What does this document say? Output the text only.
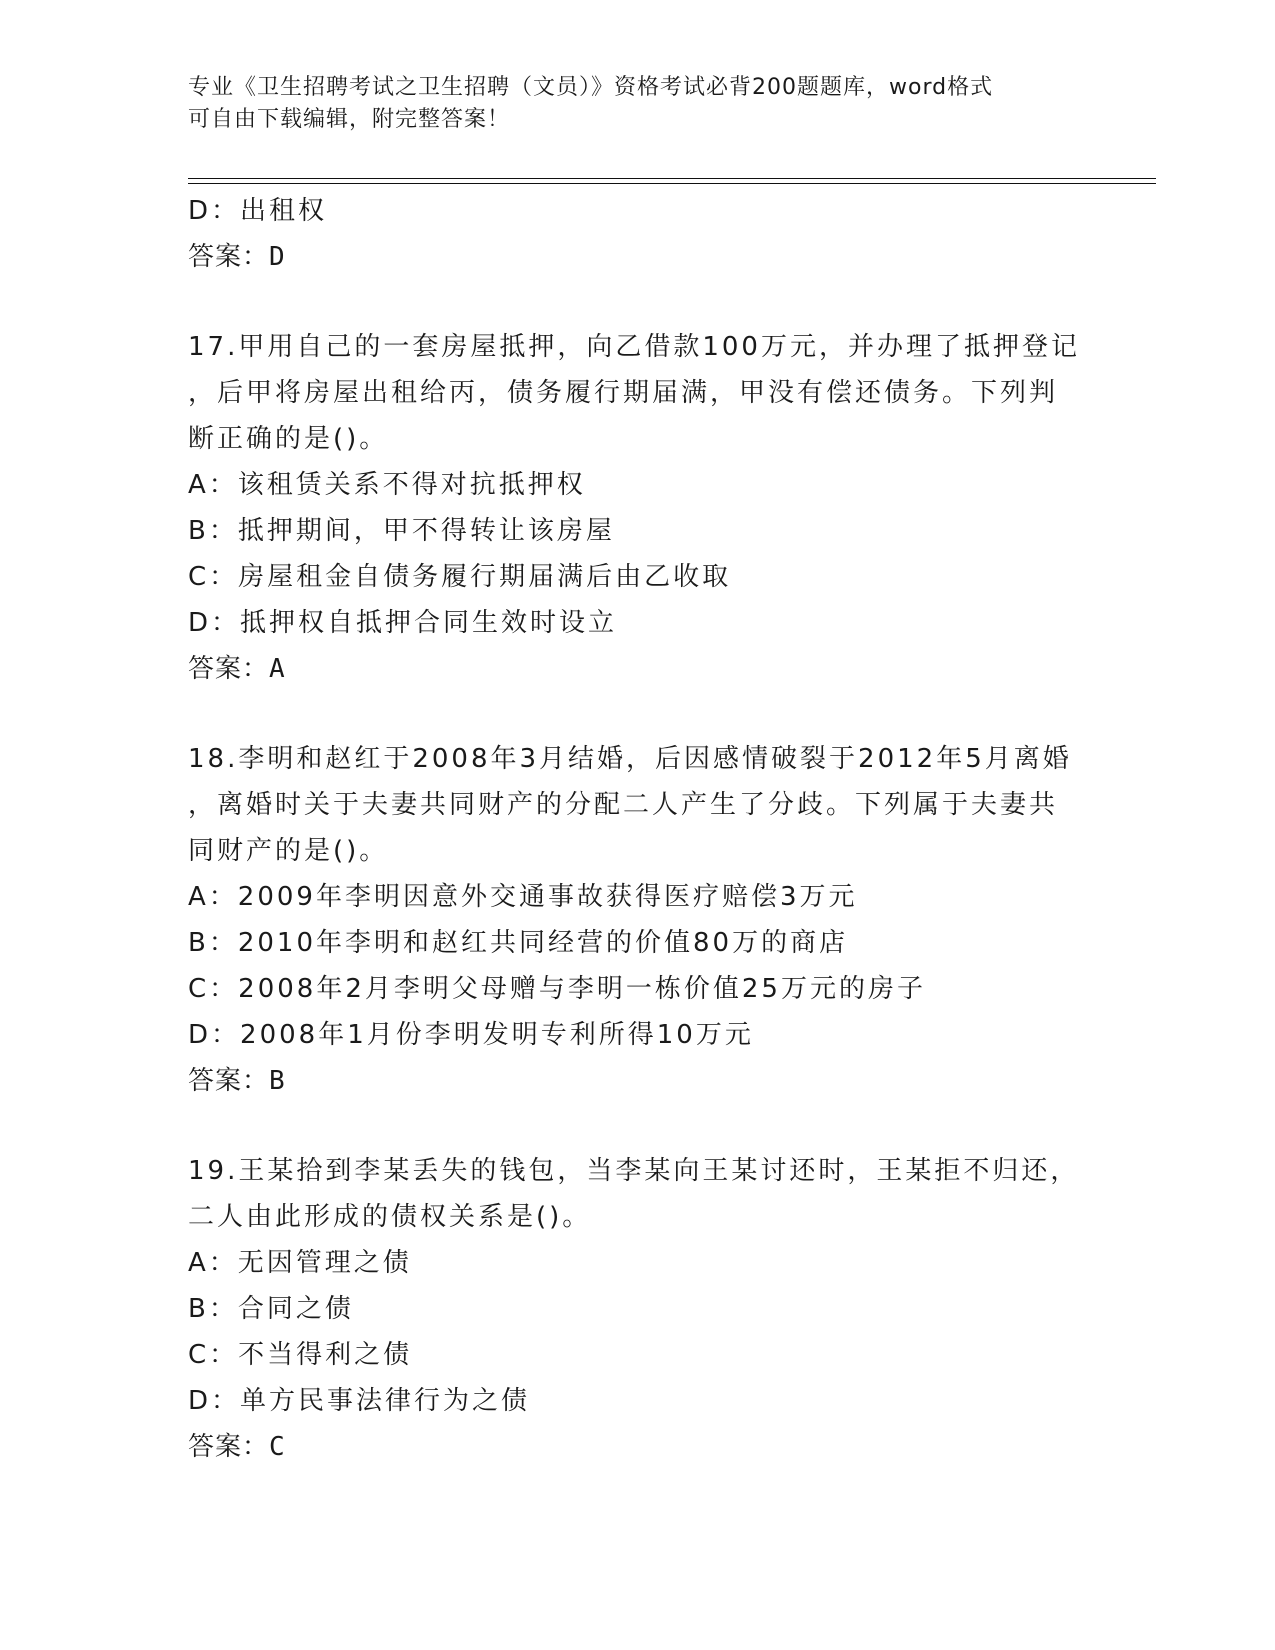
专业《卫生招聘考试之卫生招聘（文员）》资格考试必背200题题库，word格式
可自由下载编辑，附完整答案！
D：出租权
答案：D
17.甲用自己的一套房屋抵押，向乙借款100万元，并办理了抵押登记
，后甲将房屋出租给丙，债务履行期届满，甲没有偿还债务。下列判
断正确的是()。
A：该租赁关系不得对抗抵押权
B：抵押期间，甲不得转让该房屋
C：房屋租金自债务履行期届满后由乙收取
D：抵押权自抵押合同生效时设立
答案：A
18.李明和赵红于2008年3月结婚，后因感情破裂于2012年5月离婚
，离婚时关于夫妻共同财产的分配二人产生了分歧。下列属于夫妻共
同财产的是()。
A：2009年李明因意外交通事故获得医疗赔偿3万元
B：2010年李明和赵红共同经营的价值80万的商店
C：2008年2月李明父母赠与李明一栋价值25万元的房子
D：2008年1月份李明发明专利所得10万元
答案：B
19.王某拾到李某丢失的钱包，当李某向王某讨还时，王某拒不归还，
二人由此形成的债权关系是()。
A：无因管理之债
B：合同之债
C：不当得利之债
D：单方民事法律行为之债
答案：C
